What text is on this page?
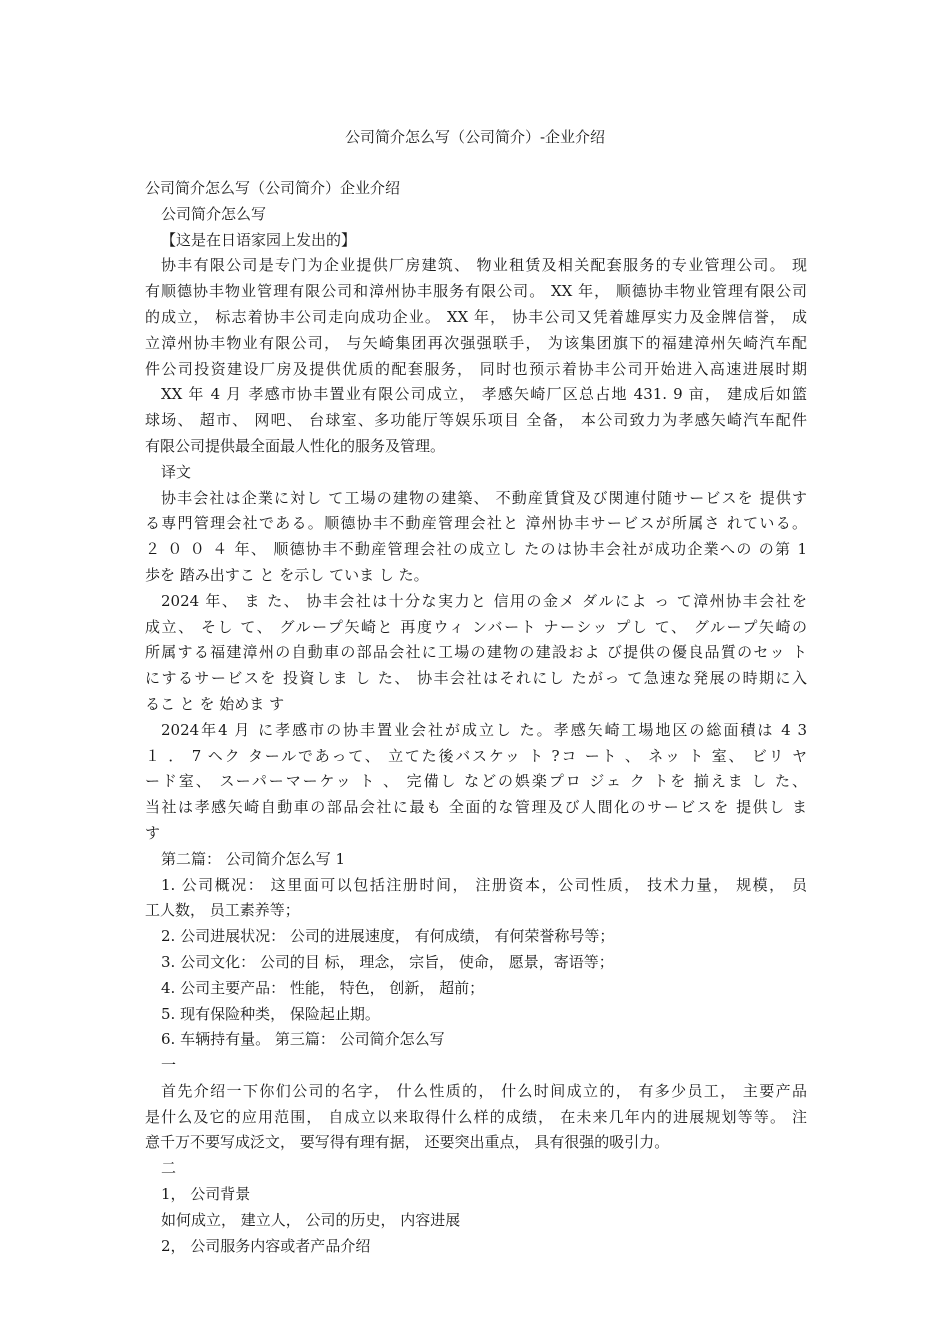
公司简介怎么写（公司简介）-企业介绍
公司简介怎么写（公司简介）企业介绍
公司简介怎么写
【这是在日语家园上发出的】
协丰有限公司是专门为企业提供厂房建筑、 物业租赁及相关配套服务的专业管理公司。 现
有顺德协丰物业管理有限公司和漳州协丰服务有限公司。 XX 年， 顺德协丰物业管理有限公司
的成立， 标志着协丰公司走向成功企业。 XX 年， 协丰公司又凭着雄厚实力及金牌信誉， 成
立漳州协丰物业有限公司， 与矢崎集团再次强强联手， 为该集团旗下的福建漳州矢崎汽车配
件公司投资建设厂房及提供优质的配套服务， 同时也预示着协丰公司开始进入高速进展时期
XX 年 4 月 孝感市协丰置业有限公司成立， 孝感矢崎厂区总占地 431. 9 亩， 建成后如篮
球场、 超市、 网吧、 台球室、多功能厅等娱乐项目 全备， 本公司致力为孝感矢崎汽车配件
有限公司提供最全面最人性化的服务及管理。
译文
协丰会社は企業に対し て工場の建物の建築、 不動産賃貸及び関連付随サービスを 提供す
る専門管理会社である。顺德协丰不動産管理会社と 漳州协丰サービスが所属さ れている。
２ ０ ０ ４ 年、 顺德协丰不動産管理会社の成立し たのは协丰会社が成功企業への の第 1
歩を 踏み出すこ と を示し ていま し た。
2024 年、 ま た、 协丰会社は十分な実力と 信用の金メ ダルによ っ て漳州协丰会社を
成立、 そし て、 グループ矢崎と 再度ウィ ンバート ナーシッ プし て、 グループ矢崎の
所属する福建漳州の自動車の部品会社に工場の建物の建設およ び提供の優良品質のセッ ト
にするサービスを 投資しま し た、 协丰会社はそれにし たがっ て急速な発展の時期に入
るこ と を 始めま す
2024年4 月 に孝感市の协丰置业会社が成立し た。孝感矢崎工場地区の総面積は 4 3
１ ． 7 ヘク タールであって、 立てた後バスケッ ト ?コ ート 、 ネッ ト 室、 ビリ ヤ
ード室、 スーパーマーケッ ト 、 完備し などの娯楽プロ ジェ ク トを 揃えま し た、
当社は孝感矢崎自動車の部品会社に最も 全面的な管理及び人間化のサービスを 提供し ま
す
第二篇： 公司简介怎么写 1
1. 公司概况： 这里面可以包括注册时间， 注册资本，公司性质， 技术力量， 规模， 员
工人数， 员工素养等；
2. 公司进展状况： 公司的进展速度， 有何成绩， 有何荣誉称号等；
3. 公司文化： 公司的目 标， 理念， 宗旨， 使命， 愿景，寄语等；
4. 公司主要产品： 性能， 特色， 创新， 超前；
5. 现有保险种类， 保险起止期。
6. 车辆持有量。 第三篇： 公司简介怎么写
一
首先介绍一下你们公司的名字， 什么性质的， 什么时间成立的， 有多少员工， 主要产品
是什么及它的应用范围， 自成立以来取得什么样的成绩， 在未来几年内的进展规划等等。 注
意千万不要写成泛文， 要写得有理有据， 还要突出重点， 具有很强的吸引力。
二
1， 公司背景
如何成立， 建立人， 公司的历史， 内容进展
2， 公司服务内容或者产品介绍
